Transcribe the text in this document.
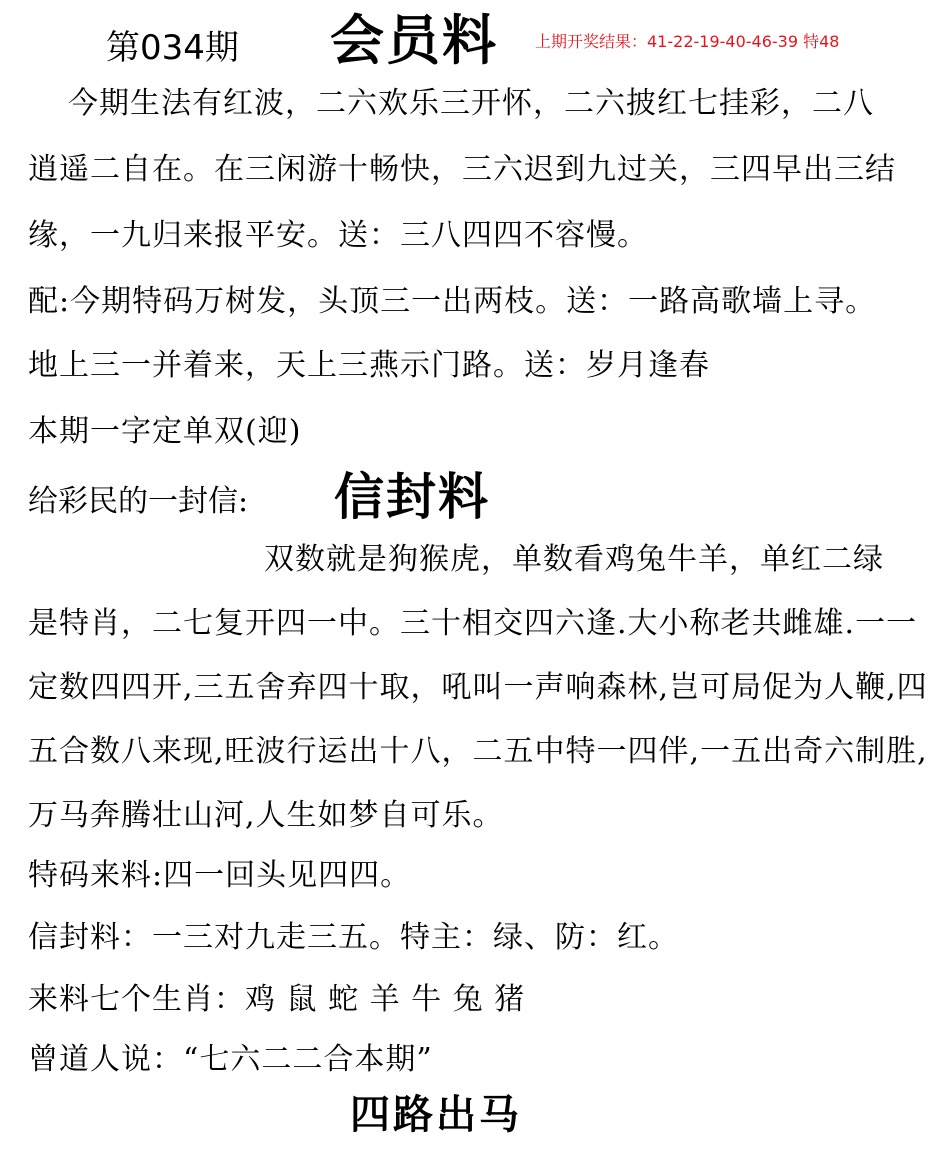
第034期 会员料 上期开奖结果：41-22-19-40-46-39 特48
今期生法有红波，二六欢乐三开怀，二六披红七挂彩，二八
逍遥二自在。在三闲游十畅快，三六迟到九过关，三四早出三结
缘，一九归来报平安。送：三八四四不容慢。
配:今期特码万树发，头顶三一出两枝。送：一路高歌墙上寻。
地上三一并着来，天上三燕示门路。送：岁月逢春
本期一字定单双(迎)
给彩民的一封信: 信封料
双数就是狗猴虎，单数看鸡兔牛羊，单红二绿
是特肖，二七复开四一中。三十相交四六逢.大小称老共雌雄.一一
定数四四开,三五舍弃四十取，吼叫一声响森林,岂可局促为人鞭,四
五合数八来现,旺波行运出十八，二五中特一四伴,一五出奇六制胜,
万马奔腾壮山河,人生如梦自可乐。
特码来料:四一回头见四四。
信封料：一三对九走三五。特主：绿、防：红。
来料七个生肖：鸡 鼠 蛇 羊 牛 兔 猪
曾道人说：“七六二二合本期”
四路出马
